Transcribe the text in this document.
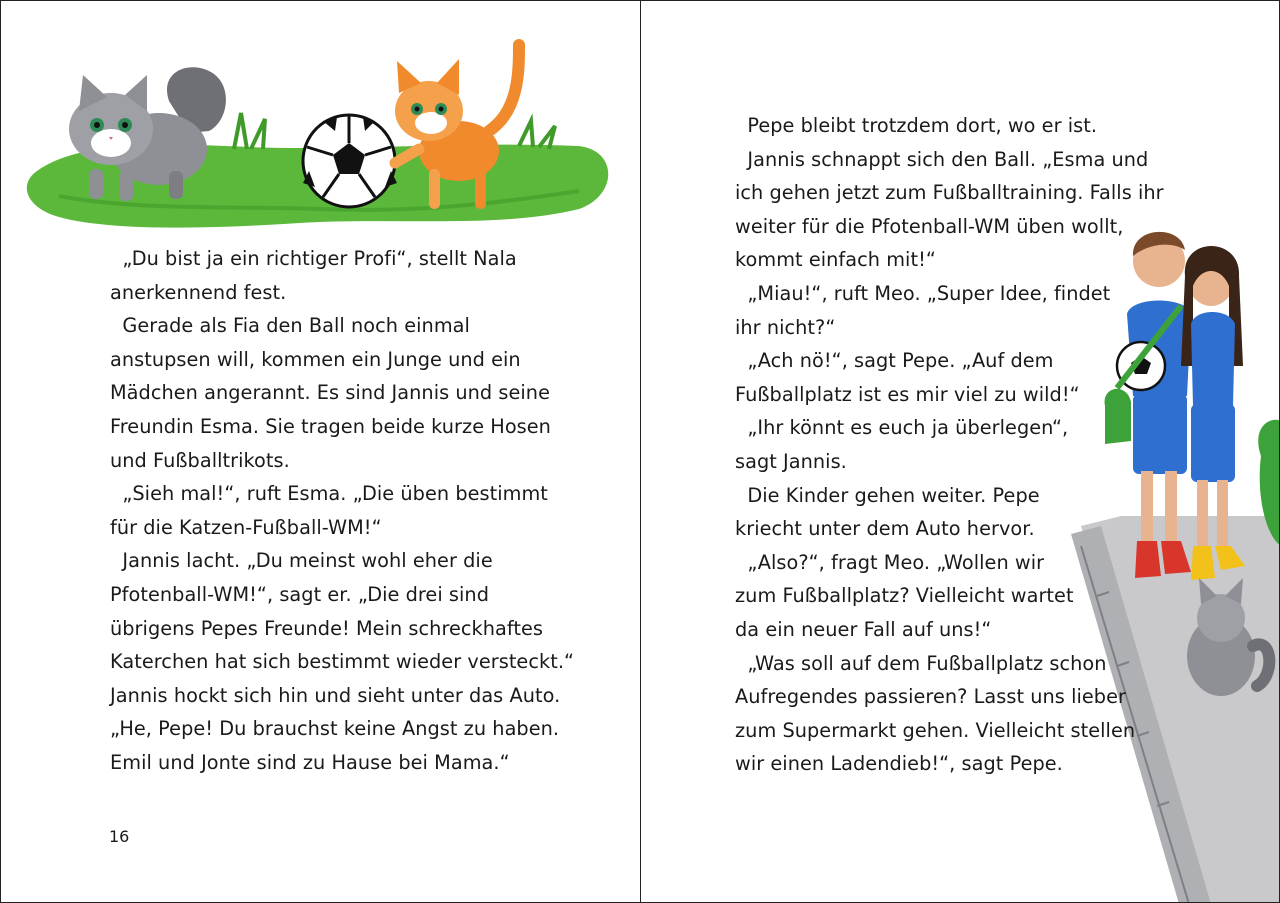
„Du bist ja ein richtiger Profi“, stellt Nala
anerkennend fest.
Gerade als Fia den Ball noch einmal
anstupsen will, kommen ein Junge und ein
Mädchen angerannt. Es sind Jannis und seine
Freundin Esma. Sie tragen beide kurze Hosen
und Fußballtrikots.
„Sieh mal!“, ruft Esma. „Die üben bestimmt
für die Katzen-Fußball-WM!“
Jannis lacht. „Du meinst wohl eher die
Pfotenball-WM!“, sagt er. „Die drei sind
übrigens Pepes Freunde! Mein schreckhaftes
Katerchen hat sich bestimmt wieder versteckt.“
Jannis hockt sich hin und sieht unter das Auto.
„He, Pepe! Du brauchst keine Angst zu haben.
Emil und Jonte sind zu Hause bei Mama.“
16
Pepe bleibt trotzdem dort, wo er ist.
Jannis schnappt sich den Ball. „Esma und
ich gehen jetzt zum Fußballtraining. Falls ihr
weiter für die Pfotenball-WM üben wollt,
kommt einfach mit!“
„Miau!“, ruft Meo. „Super Idee, findet
ihr nicht?“
„Ach nö!“, sagt Pepe. „Auf dem
Fußballplatz ist es mir viel zu wild!“
„Ihr könnt es euch ja überlegen“,
sagt Jannis.
Die Kinder gehen weiter. Pepe
kriecht unter dem Auto hervor.
„Also?“, fragt Meo. „Wollen wir
zum Fußballplatz? Vielleicht wartet
da ein neuer Fall auf uns!“
„Was soll auf dem Fußballplatz schon
Aufregendes passieren? Lasst uns lieber
zum Supermarkt gehen. Vielleicht stellen
wir einen Ladendieb!“, sagt Pepe.
